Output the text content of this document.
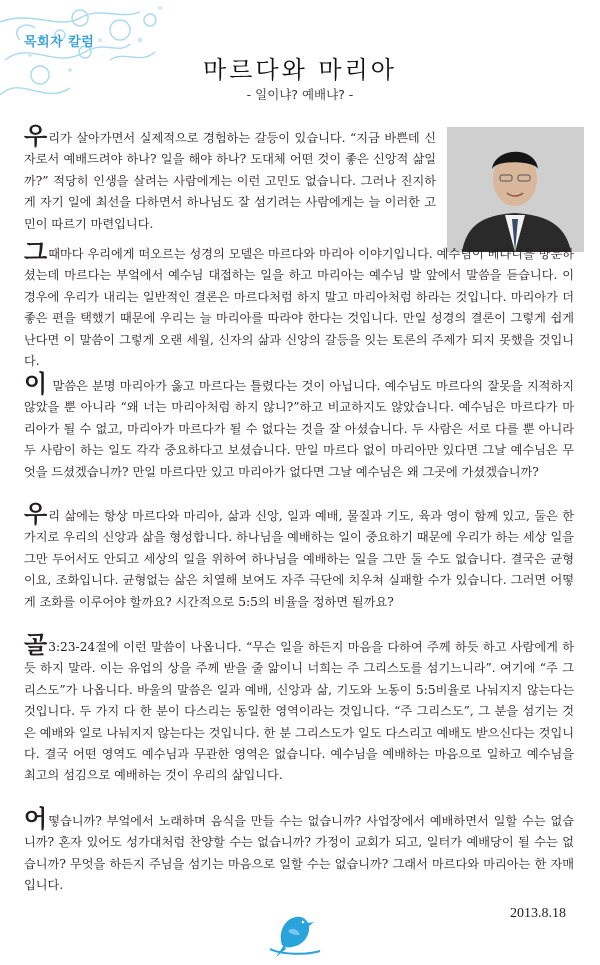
목회자 칼럼
마르다와 마리아
- 일이냐? 예배냐? -

우리가 살아가면서 실제적으로 경험하는 갈등이 있습니다. “지금 바쁜데 신자로서 예배드려야 하나? 일을 해야 하나? 도대체 어떤 것이 좋은 신앙적 삶일까?” 적당히 인생을 살려는 사람에게는 이런 고민도 없습니다. 그러나 진지하게 자기 일에 최선을 다하면서 하나님도 잘 섬기려는 사람에게는 늘 이러한 고민이 따르기 마련입니다.

그때마다 우리에게 떠오르는 성경의 모델은 마르다와 마리아 이야기입니다. 예수님이 베다니를 방문하셨는데 마르다는 부엌에서 예수님 대접하는 일을 하고 마리아는 예수님 발 앞에서 말씀을 듣습니다. 이 경우에 우리가 내리는 일반적인 결론은 마르다처럼 하지 말고 마리아처럼 하라는 것입니다. 마리아가 더 좋은 편을 택했기 때문에 우리는 늘 마리아를 따라야 한다는 것입니다. 만일 성경의 결론이 그렇게 쉽게 난다면 이 말씀이 그렇게 오랜 세월, 신자의 삶과 신앙의 갈등을 잇는 토론의 주제가 되지 못했을 것입니다.

이 말씀은 분명 마리아가 옳고 마르다는 틀렸다는 것이 아닙니다. 예수님도 마르다의 잘못을 지적하지 않았을 뿐 아니라 “왜 너는 마리아처럼 하지 않니?”하고 비교하지도 않았습니다. 예수님은 마르다가 마리아가 될 수 없고, 마리아가 마르다가 될 수 없다는 것을 잘 아셨습니다. 두 사람은 서로 다를 뿐 아니라 두 사람이 하는 일도 각각 중요하다고 보셨습니다. 만일 마르다 없이 마리아만 있다면 그날 예수님은 무엇을 드셨겠습니까? 만일 마르다만 있고 마리아가 없다면 그날 예수님은 왜 그곳에 가셨겠습니까?

우리 삶에는 항상 마르다와 마리아, 삶과 신앙, 일과 예배, 물질과 기도, 육과 영이 함께 있고, 둘은 한 가지로 우리의 신앙과 삶을 형성합니다. 하나님을 예배하는 일이 중요하기 때문에 우리가 하는 세상 일을 그만 두어서도 안되고 세상의 일을 위하여 하나님을 예배하는 일을 그만 둘 수도 없습니다. 결국은 균형이요, 조화입니다. 균형없는 삶은 치열해 보여도 자주 극단에 치우쳐 실패할 수가 있습니다. 그러면 어떻게 조화를 이루어야 할까요? 시간적으로 5:5의 비율을 정하면 될까요?

골3:23-24절에 이런 말씀이 나옵니다. “무슨 일을 하든지 마음을 다하여 주께 하듯 하고 사람에게 하듯 하지 말라. 이는 유업의 상을 주께 받을 줄 앎이니 너희는 주 그리스도를 섬기느니라”. 여기에 “주 그리스도”가 나옵니다. 바울의 말씀은 일과 예배, 신앙과 삶, 기도와 노동이 5:5비율로 나눠지지 않는다는 것입니다. 두 가지 다 한 분이 다스리는 동일한 영역이라는 것입니다. “주 그리스도”, 그 분을 섬기는 것은 예배와 일로 나눠지지 않는다는 것입니다. 한 분 그리스도가 일도 다스리고 예배도 받으신다는 것입니다. 결국 어떤 영역도 예수님과 무관한 영역은 없습니다. 예수님을 예배하는 마음으로 일하고 예수님을 최고의 섬김으로 예배하는 것이 우리의 삶입니다.

어떻습니까? 부엌에서 노래하며 음식을 만들 수는 없습니까? 사업장에서 예배하면서 일할 수는 없습니까? 혼자 있어도 성가대처럼 찬양할 수는 없습니까? 가정이 교회가 되고, 일터가 예배당이 될 수는 없습니까? 무엇을 하든지 주님을 섬기는 마음으로 일할 수는 없습니까? 그래서 마르다와 마리아는 한 자매입니다.

2013.8.18
